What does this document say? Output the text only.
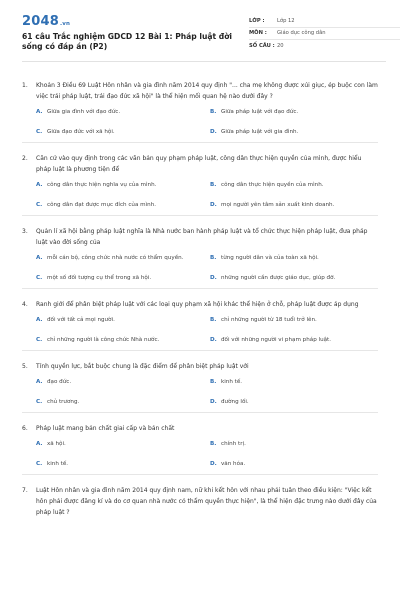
2048.vn
61 câu Trắc nghiệm GDCD 12 Bài 1: Pháp luật đời sống có đáp án (P2)
LỚP :	Lớp 12
MÔN :	Giáo dục công dân
SỐ CÂU : 20
1.	Khoản 3 Điều 69 Luật Hôn nhân và gia đình năm 2014 quy định "... cha mẹ không được xúi giục, ép buộc con làm việc trái pháp luật, trái đạo đức xã hội" là thể hiện mối quan hệ nào dưới đây ?
A. Giữa gia đình với đạo đức.	B. Giữa pháp luật với đạo đức.
C. Giữa đạo đức với xã hội.	D. Giữa pháp luật với gia đình.
2.	Căn cứ vào quy định trong các văn bản quy phạm pháp luật, công dân thực hiện quyền của mình, được hiểu pháp luật là phương tiện để
A. công dân thực hiện nghĩa vụ của mình.	B. công dân thực hiện quyền của mình.
C. công dân đạt được mục đích của mình.	D. mọi người yên tâm sản xuất kinh doanh.
3.	Quản lí xã hội bằng pháp luật nghĩa là Nhà nước ban hành pháp luật và tổ chức thực hiện pháp luật, đưa pháp luật vào đời sống của
A. mỗi cán bộ, công chức nhà nước có thẩm quyền.	B. từng người dân và của toàn xã hội.
C. một số đối tượng cụ thể trong xã hội.	D. những người cần được giáo dục, giúp đỡ.
4.	Ranh giới để phân biệt pháp luật với các loại quy phạm xã hội khác thể hiện ở chỗ, pháp luật được áp dụng
A. đối với tất cả mọi người.	B. chỉ những người từ 18 tuổi trở lên.
C. chỉ những người là công chức Nhà nước.	D. đối với những người vi phạm pháp luật.
5.	Tính quyền lực, bắt buộc chung là đặc điểm để phân biệt pháp luật với
A. đạo đức.	B. kinh tế.
C. chủ trương.	D. đường lối.
6.	Pháp luật mang bản chất giai cấp và bản chất
A. xã hội.	B. chính trị.
C. kinh tế.	D. văn hóa.
7.	Luật Hôn nhân và gia đình năm 2014 quy định nam, nữ khi kết hôn với nhau phải tuân theo điều kiện: "Việc kết hôn phải được đăng kí và do cơ quan nhà nước có thẩm quyền thực hiện", là thể hiện đặc trưng nào dưới đây của pháp luật ?
